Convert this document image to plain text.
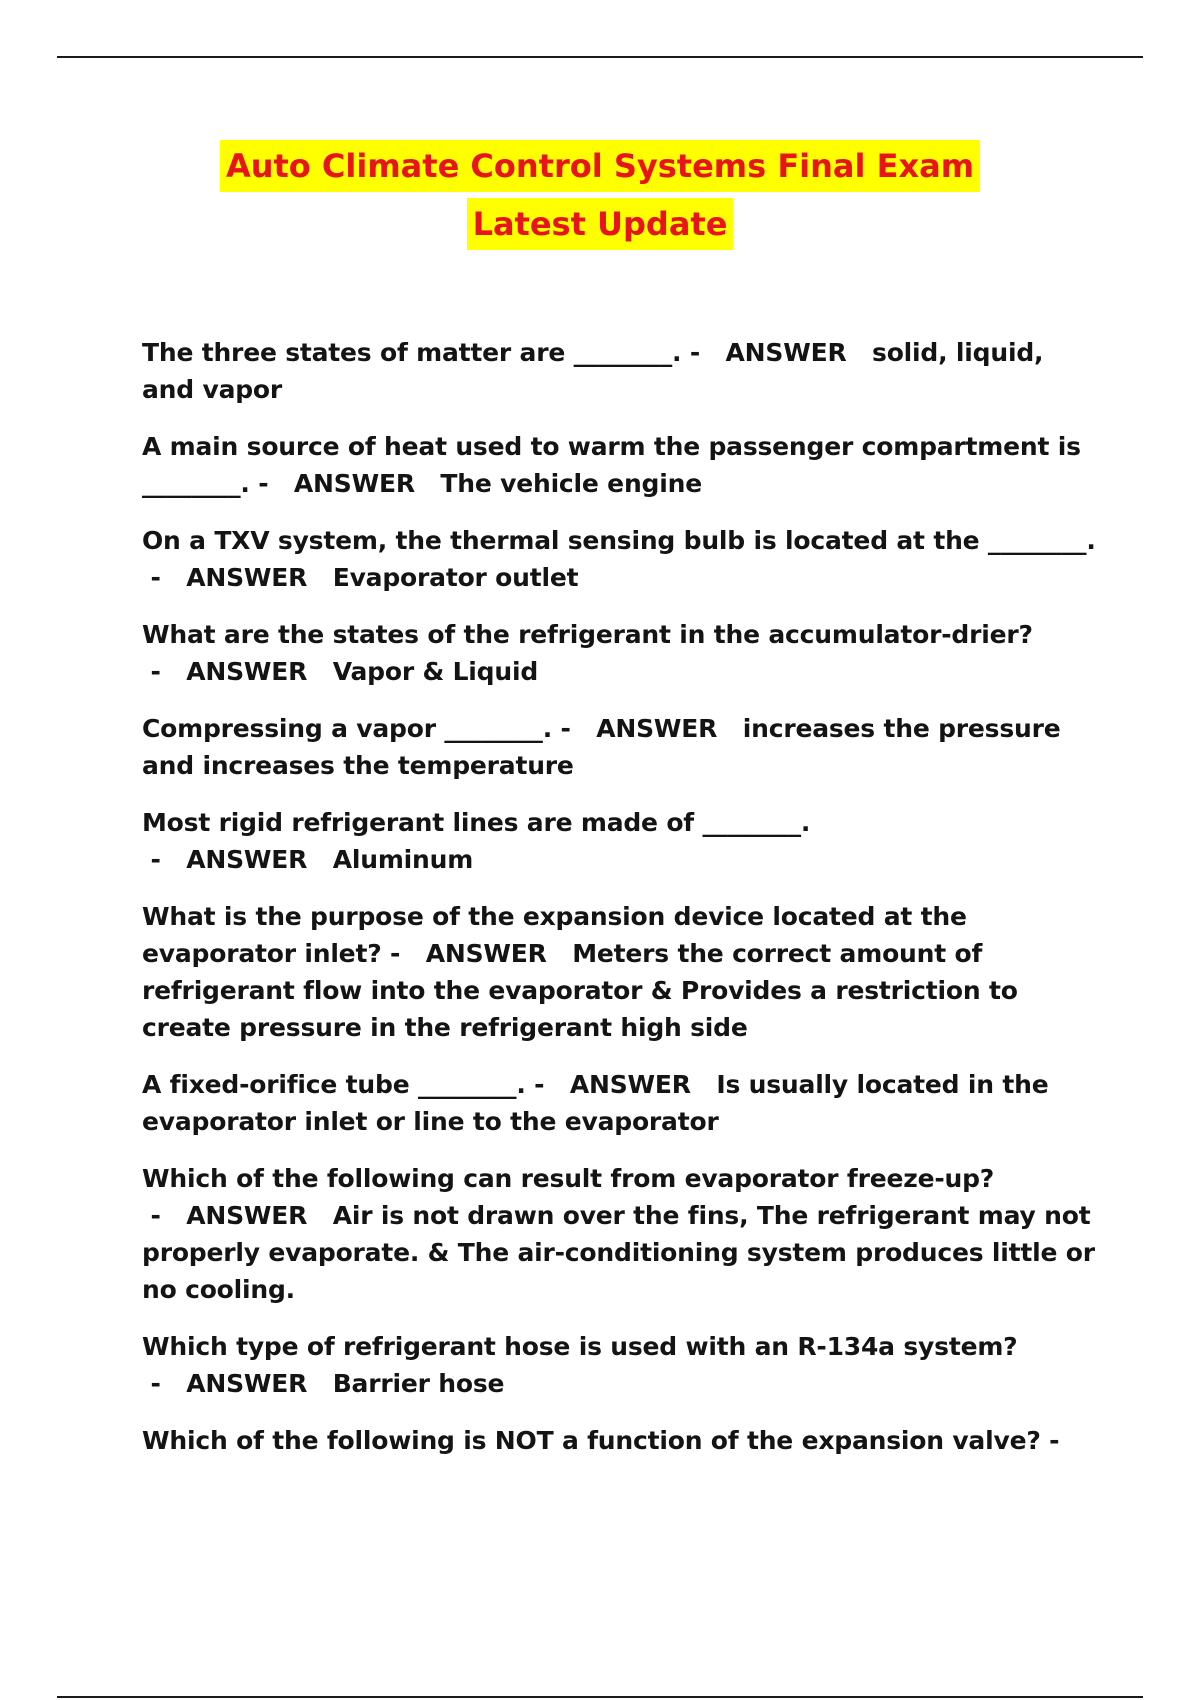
Auto Climate Control Systems Final Exam
Latest Update

The three states of matter are ________. -   ANSWER solid, liquid, and vapor

A main source of heat used to warm the passenger compartment is ________. -   ANSWER The vehicle engine

On a TXV system, the thermal sensing bulb is located at the ________. -   ANSWER Evaporator outlet

What are the states of the refrigerant in the accumulator-drier? -   ANSWER Vapor & Liquid

Compressing a vapor ________. -   ANSWER increases the pressure and increases the temperature

Most rigid refrigerant lines are made of ________. -   ANSWER Aluminum

What is the purpose of the expansion device located at the evaporator inlet? -   ANSWER Meters the correct amount of refrigerant flow into the evaporator & Provides a restriction to create pressure in the refrigerant high side

A fixed-orifice tube ________. -   ANSWER Is usually located in the evaporator inlet or line to the evaporator

Which of the following can result from evaporator freeze-up? -   ANSWER Air is not drawn over the fins, The refrigerant may not properly evaporate. & The air-conditioning system produces little or no cooling.

Which type of refrigerant hose is used with an R-134a system? -   ANSWER Barrier hose

Which of the following is NOT a function of the expansion valve? -
